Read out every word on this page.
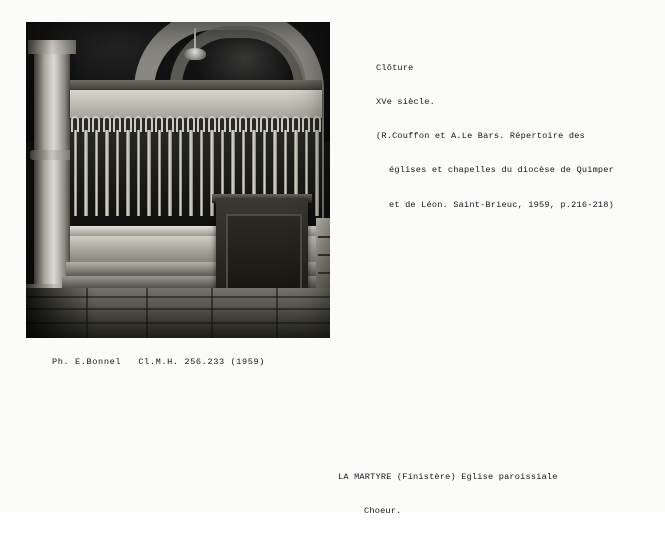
Clôture

XVe siècle.

(R.Couffon et A.Le Bars. Répertoire des

églises et chapelles du diocèse de Quimper

et de Léon. Saint-Brieuc, 1959, p.216-218)

Ph. E.Bonnel   Cl.M.H. 256.233 (1959)

LA MARTYRE (Finistère) Eglise paroissiale

Choeur.
